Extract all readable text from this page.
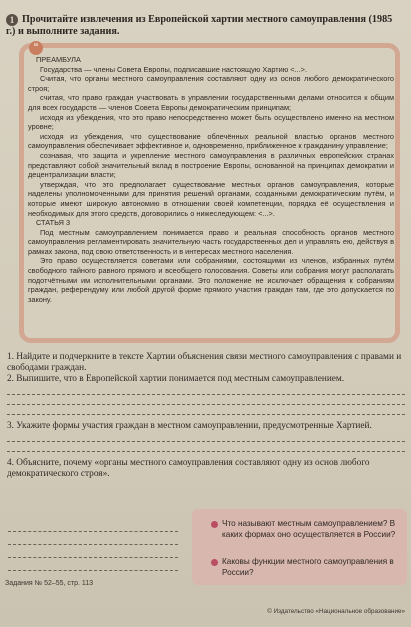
1 Прочитайте извлечения из Европейской хартии местного самоуправления (1985 г.) и выполните задания.
“

ПРЕАМБУЛА

Государства — члены Совета Европы, подписавшие настоящую Хартию <...>.

Считая, что органы местного самоуправления составляют одну из основ любого демократического строя;

считая, что право граждан участвовать в управлении государственными делами относится к общим для всех государств — членов Совета Европы демократическим принципам;

исходя из убеждения, что это право непосредственно может быть осуществлено именно на местном уровне;

исходя из убеждения, что существование облечённых реальной властью органов местного самоуправления обеспечивает эффективное и, одновременно, приближенное к гражданину управление;

сознавая, что защита и укрепление местного самоуправления в различных европейских странах представляют собой значительный вклад в построение Европы, основанной на принципах демократии и децентрализации власти;

утверждая, что это предполагает существование местных органов самоуправления, которые наделены уполномоченными для принятия решений органами, созданными демократическим путём, и которые имеют широкую автономию в отношении своей компетенции, порядка её осуществления и необходимых для этого средств, договорились о нижеследующем: <...>.

СТАТЬЯ 3

Под местным самоуправлением понимается право и реальная способность органов местного самоуправления регламентировать значительную часть государственных дел и управлять ею, действуя в рамках закона, под свою ответственность и в интересах местного населения.

Это право осуществляется советами или собраниями, состоящими из членов, избранных путём свободного тайного равного прямого и всеобщего голосования. Советы или собрания могут располагать подотчётными им исполнительными органами. Это положение не исключает обращения к собраниям граждан, референдуму или любой другой форме прямого участия граждан там, где это допускается по закону.

1. Найдите и подчеркните в тексте Хартии объяснения связи местного самоуправления с правами и свободами граждан.

2. Выпишите, что в Европейской хартии понимается под местным самоуправлением.

3. Укажите формы участия граждан в местном самоуправлении, предусмотренные Хартией.

4. Объясните, почему «органы местного самоуправления составляют одну из основ любого демократического строя».

Что называют местным самоуправлением? В каких формах оно осуществляется в России?
Каковы функции местного самоуправления в России?
Задания № 52–55, стр. 113
© Издательство «Национальное образование»
